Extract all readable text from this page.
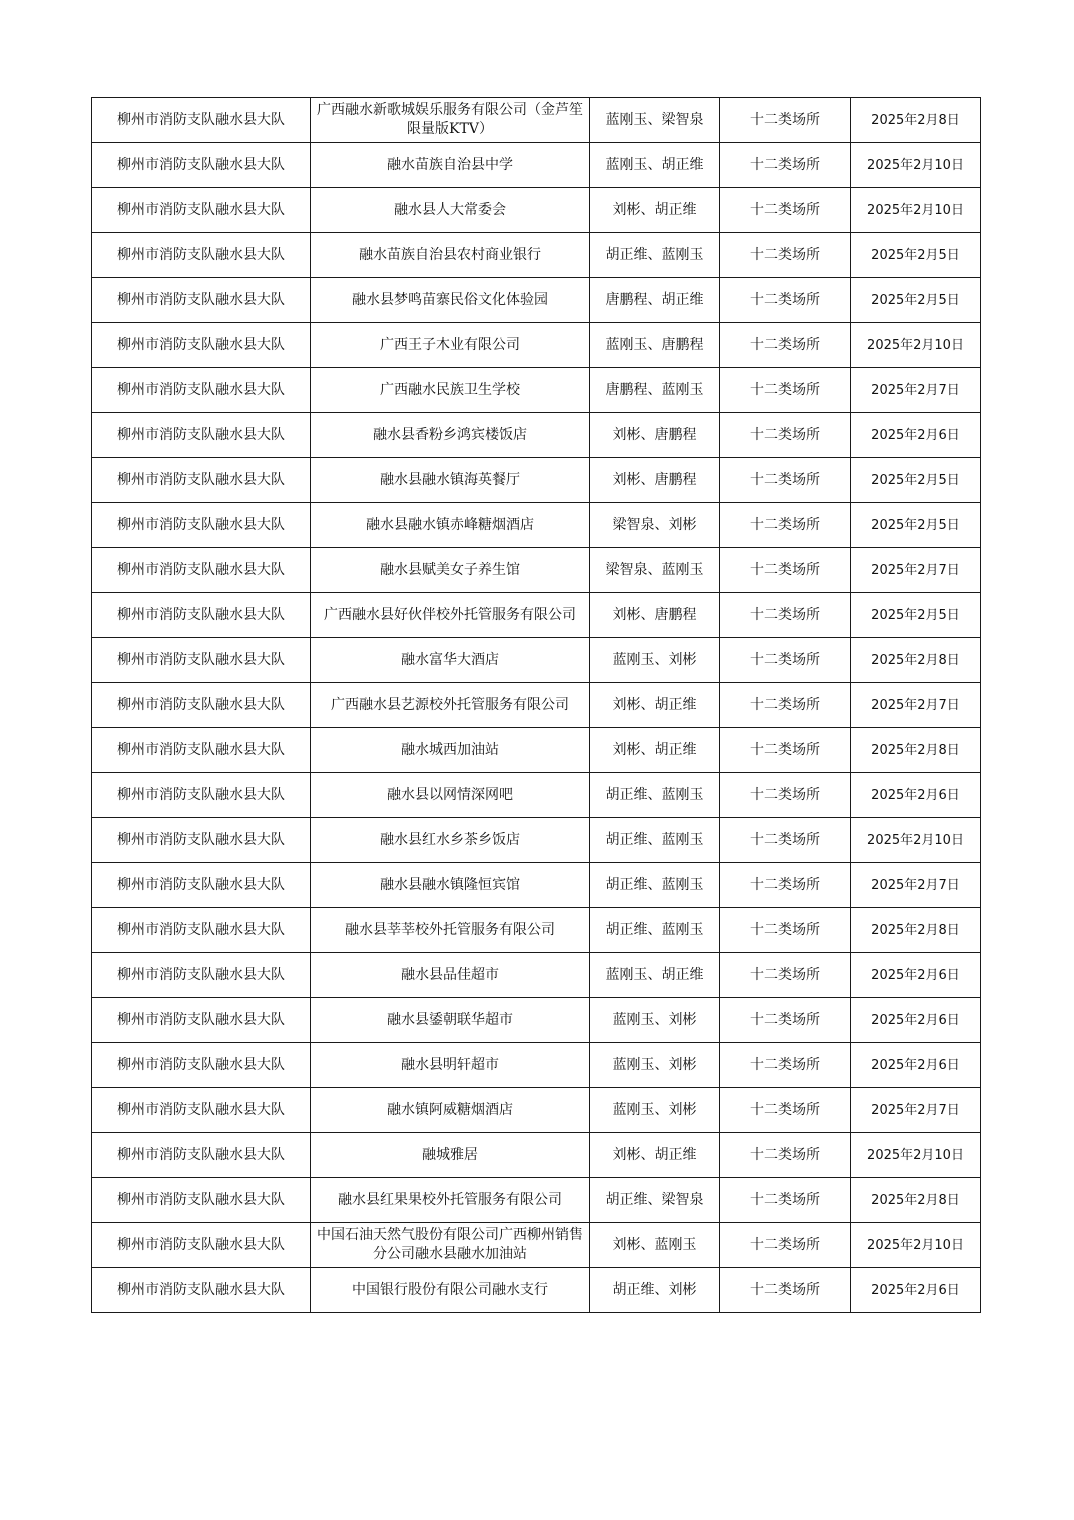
柳州市消防支队融水县大队	广西融水新歌城娱乐服务有限公司（金芦笙限量版KTV）	蓝刚玉、梁智泉	十二类场所	2025年2月8日
柳州市消防支队融水县大队	融水苗族自治县中学	蓝刚玉、胡正维	十二类场所	2025年2月10日
柳州市消防支队融水县大队	融水县人大常委会	刘彬、胡正维	十二类场所	2025年2月10日
柳州市消防支队融水县大队	融水苗族自治县农村商业银行	胡正维、蓝刚玉	十二类场所	2025年2月5日
柳州市消防支队融水县大队	融水县梦鸣苗寨民俗文化体验园	唐鹏程、胡正维	十二类场所	2025年2月5日
柳州市消防支队融水县大队	广西王子木业有限公司	蓝刚玉、唐鹏程	十二类场所	2025年2月10日
柳州市消防支队融水县大队	广西融水民族卫生学校	唐鹏程、蓝刚玉	十二类场所	2025年2月7日
柳州市消防支队融水县大队	融水县香粉乡鸿宾楼饭店	刘彬、唐鹏程	十二类场所	2025年2月6日
柳州市消防支队融水县大队	融水县融水镇海英餐厅	刘彬、唐鹏程	十二类场所	2025年2月5日
柳州市消防支队融水县大队	融水县融水镇赤峰糖烟酒店	梁智泉、刘彬	十二类场所	2025年2月5日
柳州市消防支队融水县大队	融水县赋美女子养生馆	梁智泉、蓝刚玉	十二类场所	2025年2月7日
柳州市消防支队融水县大队	广西融水县好伙伴校外托管服务有限公司	刘彬、唐鹏程	十二类场所	2025年2月5日
柳州市消防支队融水县大队	融水富华大酒店	蓝刚玉、刘彬	十二类场所	2025年2月8日
柳州市消防支队融水县大队	广西融水县艺源校外托管服务有限公司	刘彬、胡正维	十二类场所	2025年2月7日
柳州市消防支队融水县大队	融水城西加油站	刘彬、胡正维	十二类场所	2025年2月8日
柳州市消防支队融水县大队	融水县以网情深网吧	胡正维、蓝刚玉	十二类场所	2025年2月6日
柳州市消防支队融水县大队	融水县红水乡茶乡饭店	胡正维、蓝刚玉	十二类场所	2025年2月10日
柳州市消防支队融水县大队	融水县融水镇隆恒宾馆	胡正维、蓝刚玉	十二类场所	2025年2月7日
柳州市消防支队融水县大队	融水县莘莘校外托管服务有限公司	胡正维、蓝刚玉	十二类场所	2025年2月8日
柳州市消防支队融水县大队	融水县品佳超市	蓝刚玉、胡正维	十二类场所	2025年2月6日
柳州市消防支队融水县大队	融水县鋈朝联华超市	蓝刚玉、刘彬	十二类场所	2025年2月6日
柳州市消防支队融水县大队	融水县明轩超市	蓝刚玉、刘彬	十二类场所	2025年2月6日
柳州市消防支队融水县大队	融水镇阿威糖烟酒店	蓝刚玉、刘彬	十二类场所	2025年2月7日
柳州市消防支队融水县大队	融城雅居	刘彬、胡正维	十二类场所	2025年2月10日
柳州市消防支队融水县大队	融水县红果果校外托管服务有限公司	胡正维、梁智泉	十二类场所	2025年2月8日
柳州市消防支队融水县大队	中国石油天然气股份有限公司广西柳州销售分公司融水县融水加油站	刘彬、蓝刚玉	十二类场所	2025年2月10日
柳州市消防支队融水县大队	中国银行股份有限公司融水支行	胡正维、刘彬	十二类场所	2025年2月6日
